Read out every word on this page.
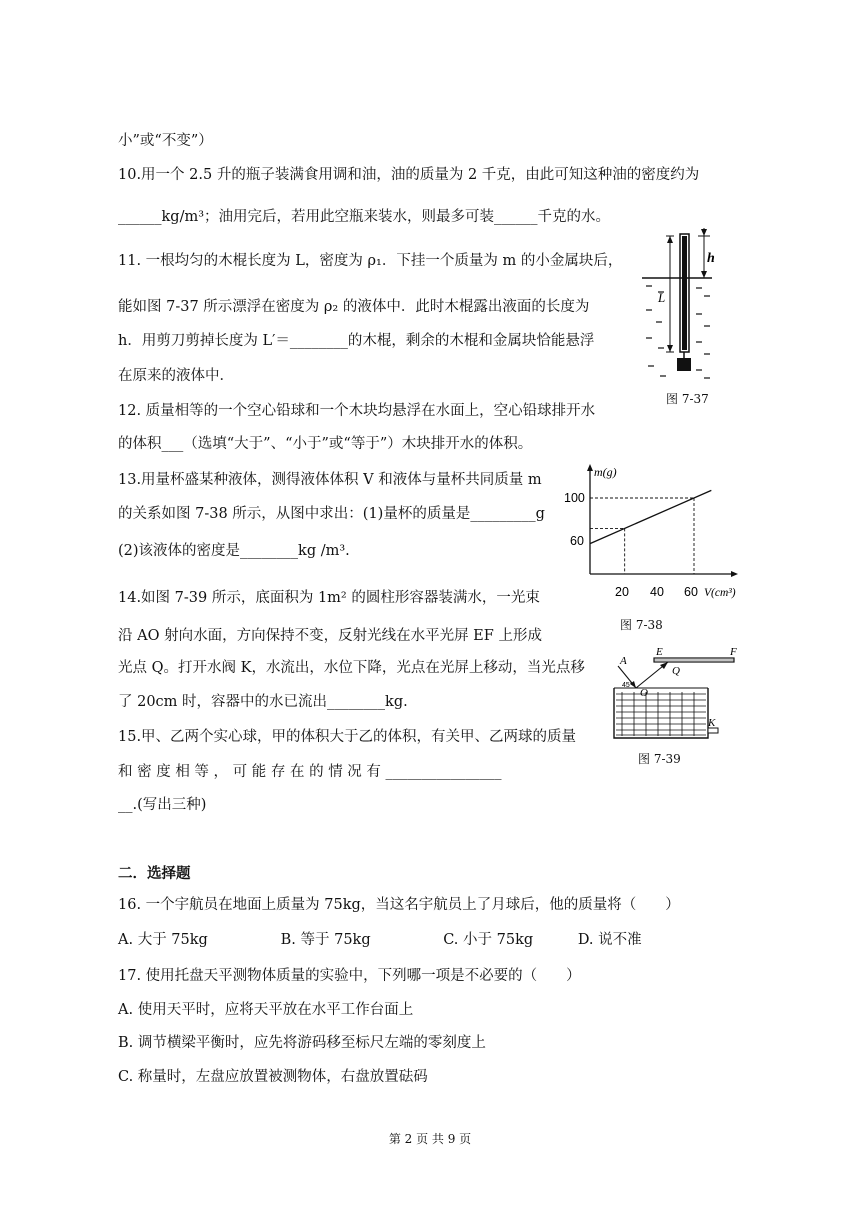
小”或“不变”）
10.用一个 2.5 升的瓶子装满食用调和油，油的质量为 2 千克，由此可知这种油的密度约为
______kg/m³；油用完后，若用此空瓶来装水，则最多可装______千克的水。
11. 一根均匀的木棍长度为 L，密度为 ρ₁．下挂一个质量为 m 的小金属块后，
能如图 7-37 所示漂浮在密度为 ρ₂ 的液体中．此时木棍露出液面的长度为
h．用剪刀剪掉长度为 L′＝________的木棍，剩余的木棍和金属块恰能悬浮
在原来的液体中．
12. 质量相等的一个空心铅球和一个木块均悬浮在水面上，空心铅球排开水
的体积___（选填“大于”、“小于”或“等于”）木块排开水的体积。
13.用量杯盛某种液体，测得液体体积 V 和液体与量杯共同质量 m
的关系如图 7-38 所示，从图中求出：(1)量杯的质量是_________g
(2)该液体的密度是________kg /m³.
14.如图 7-39 所示，底面积为 1m² 的圆柱形容器装满水，一光束
沿 AO 射向水面，方向保持不变，反射光线在水平光屏 EF 上形成
光点 Q。打开水阀 K，水流出，水位下降，光点在光屏上移动，当光点移
了 20cm 时，容器中的水已流出________kg.
15.甲、乙两个实心球，甲的体积大于乙的体积，有关甲、乙两球的质量
和 密 度 相 等 ， 可 能 存 在 的 情 况 有 ________________
__.(写出三种)
二．选择题
16. 一个宇航员在地面上质量为 75kg，当这名宇航员上了月球后，他的质量将（　　）
A. 大于 75kg	B. 等于 75kg	C. 小于 75kg	D. 说不准
17. 使用托盘天平测物体质量的实验中，下列哪一项是不必要的（　　）
A. 使用天平时，应将天平放在水平工作台面上
B. 调节横梁平衡时，应先将游码移至标尺左端的零刻度上
C. 称量时，左盘应放置被测物体，右盘放置砝码
h
L
图 7-37
m(g)
V(cm³)
100
60
20 40 60
图 7-38
A
E	F
Q
O
45°
K
图 7-39
第 2 页 共 9 页
